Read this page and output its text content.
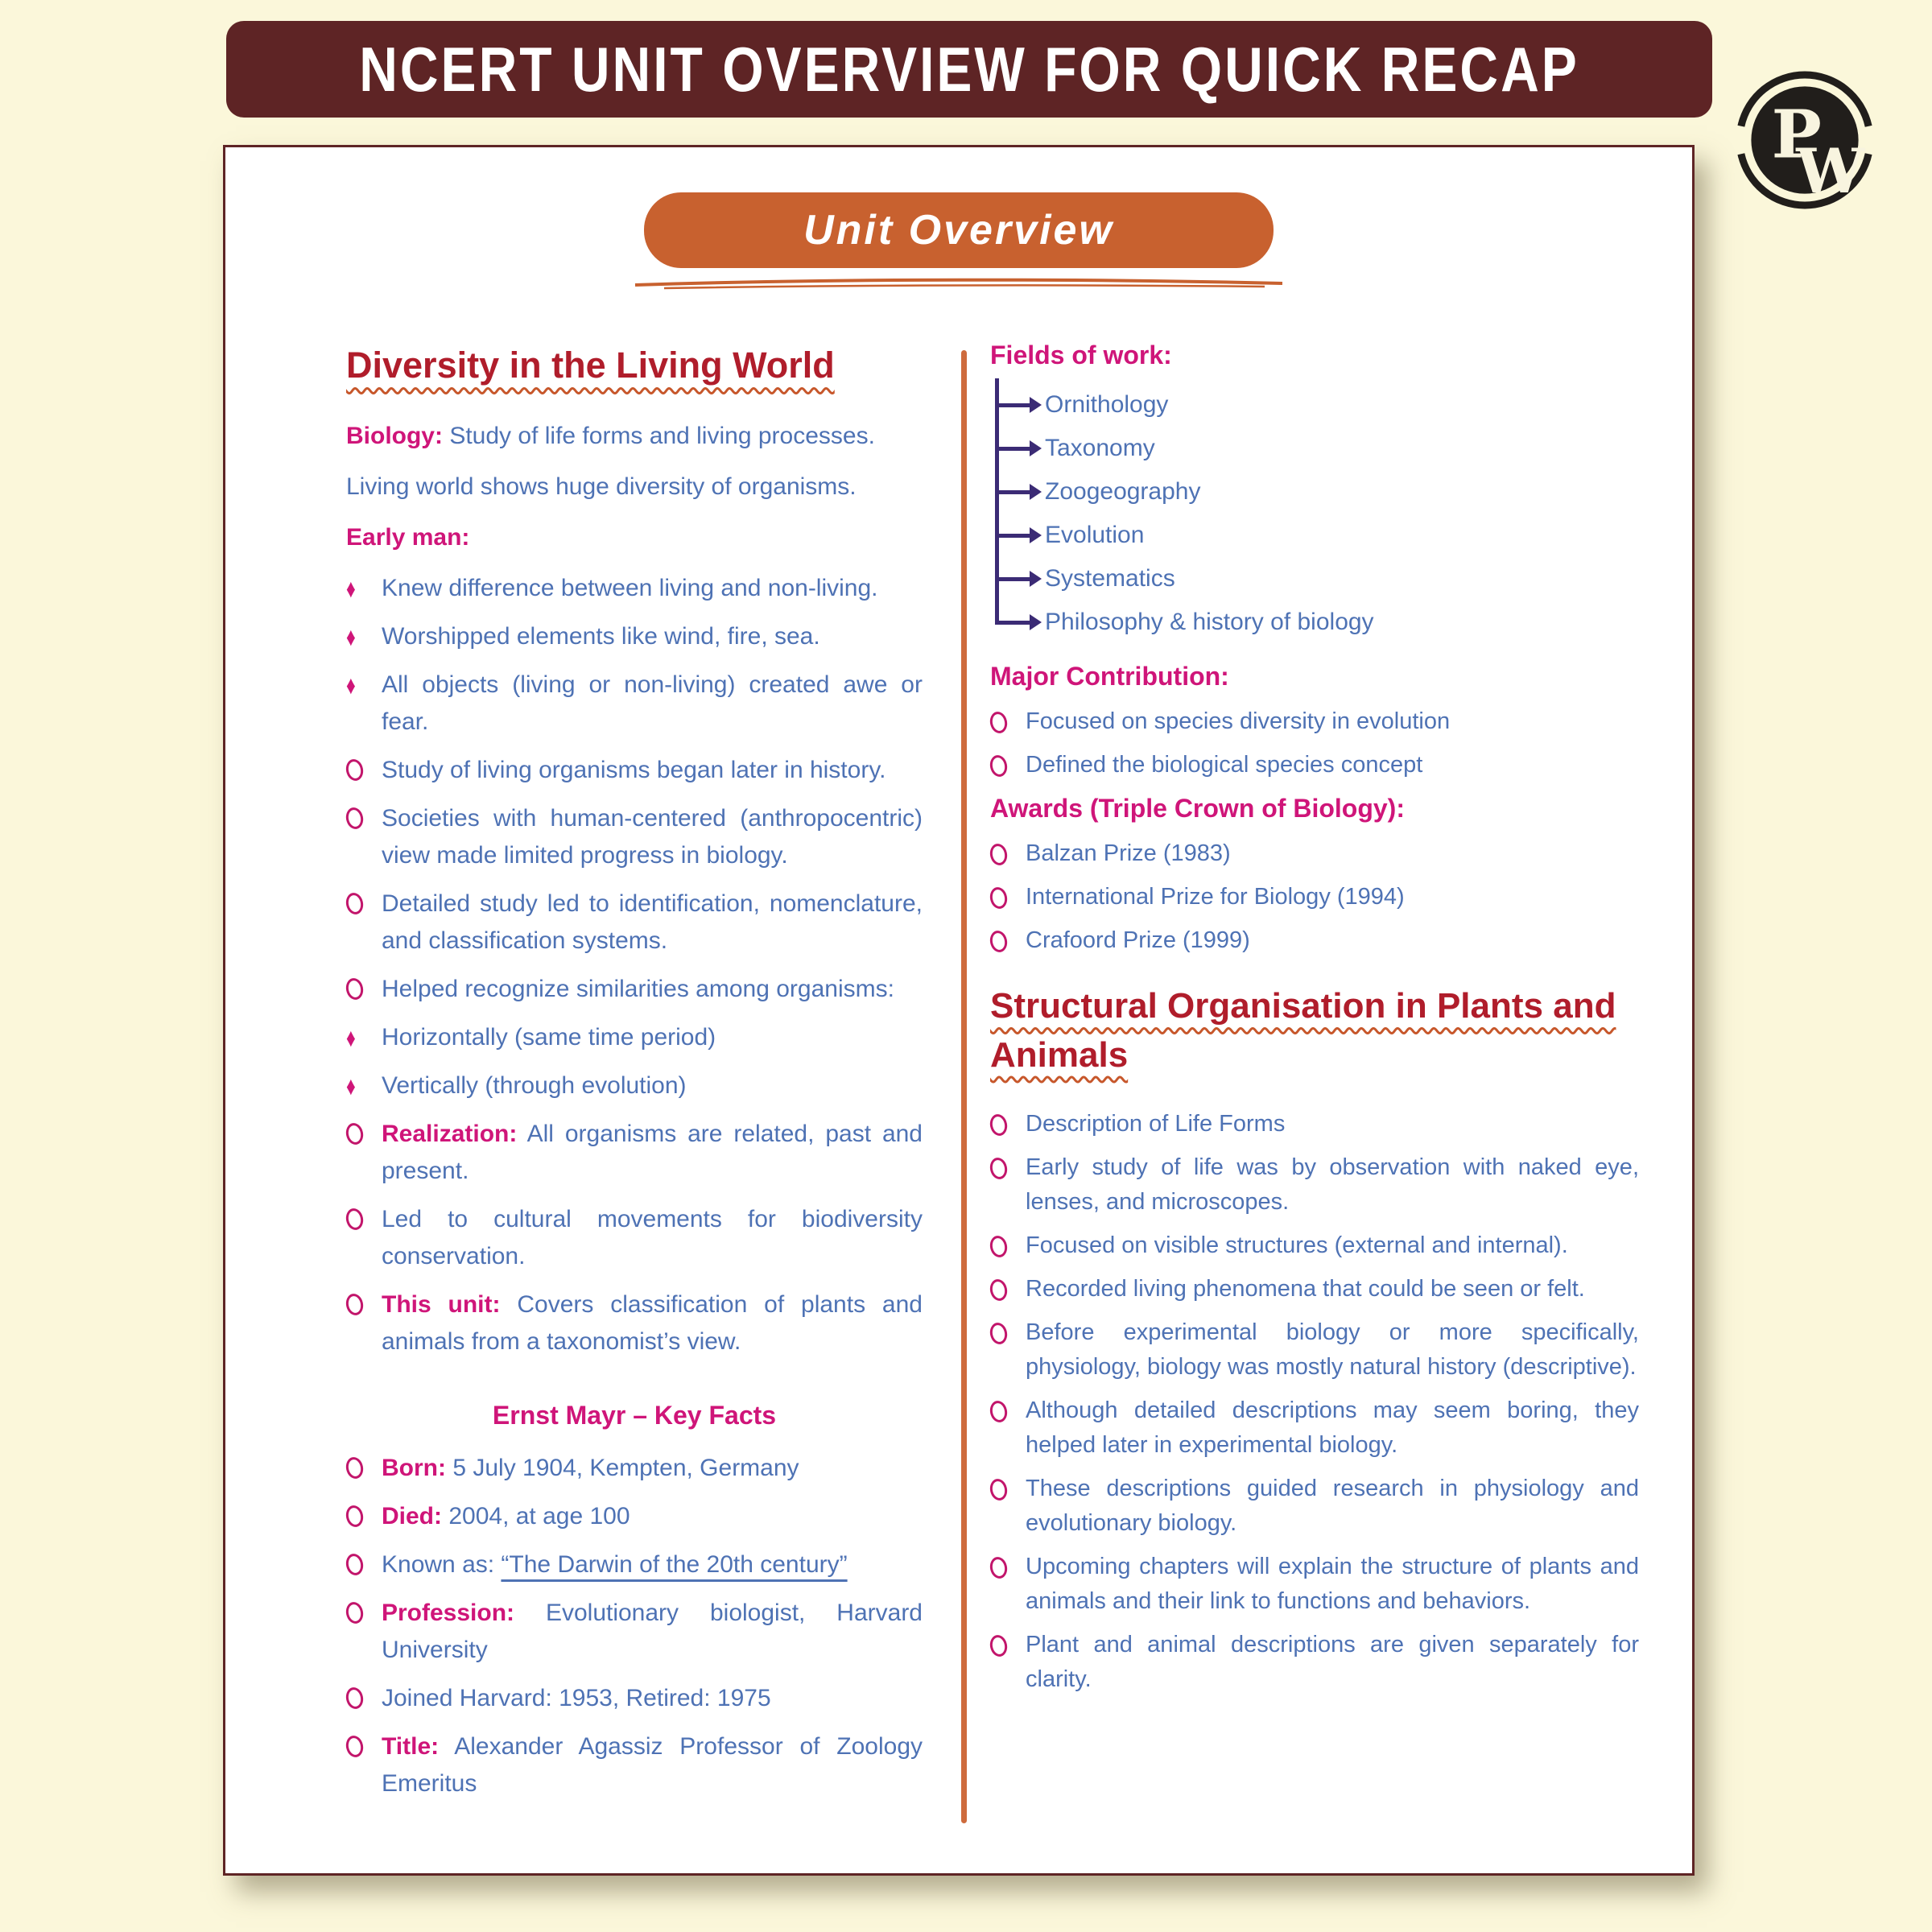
NCERT UNIT OVERVIEW FOR QUICK RECAP
P
W
Unit Overview
Diversity in the Living World
Biology: Study of life forms and living processes.
Living world shows huge diversity of organisms.
Early man:
♦	Knew difference between living and non-living.
♦	Worshipped elements like wind, fire, sea.
♦	All objects (living or non-living) created awe or fear.
Study of living organisms began later in history.
Societies with human-centered (anthropocentric) view made limited progress in biology.
Detailed study led to identification, nomenclature, and classification systems.
Helped recognize similarities among organisms:
♦	Horizontally (same time period)
♦	Vertically (through evolution)
Realization: All organisms are related, past and present.
Led to cultural movements for biodiversity conservation.
This unit: Covers classification of plants and animals from a taxonomist’s view.
Ernst Mayr – Key Facts
Born: 5 July 1904, Kempten, Germany
Died: 2004, at age 100
Known as: “The Darwin of the 20th century”
Profession: Evolutionary biologist, Harvard University
Joined Harvard: 1953, Retired: 1975
Title: Alexander Agassiz Professor of Zoology Emeritus
Fields of work:
Ornithology
Taxonomy
Zoogeography
Evolution
Systematics
Philosophy & history of biology
Major Contribution:
Focused on species diversity in evolution
Defined the biological species concept
Awards (Triple Crown of Biology):
Balzan Prize (1983)
International Prize for Biology (1994)
Crafoord Prize (1999)
Structural Organisation in Plants and Animals
Description of Life Forms
Early study of life was by observation with naked eye, lenses, and microscopes.
Focused on visible structures (external and internal).
Recorded living phenomena that could be seen or felt.
Before experimental biology or more specifically, physiology, biology was mostly natural history (descriptive).
Although detailed descriptions may seem boring, they helped later in experimental biology.
These descriptions guided research in physiology and evolutionary biology.
Upcoming chapters will explain the structure of plants and animals and their link to functions and behaviors.
Plant and animal descriptions are given separately for clarity.
